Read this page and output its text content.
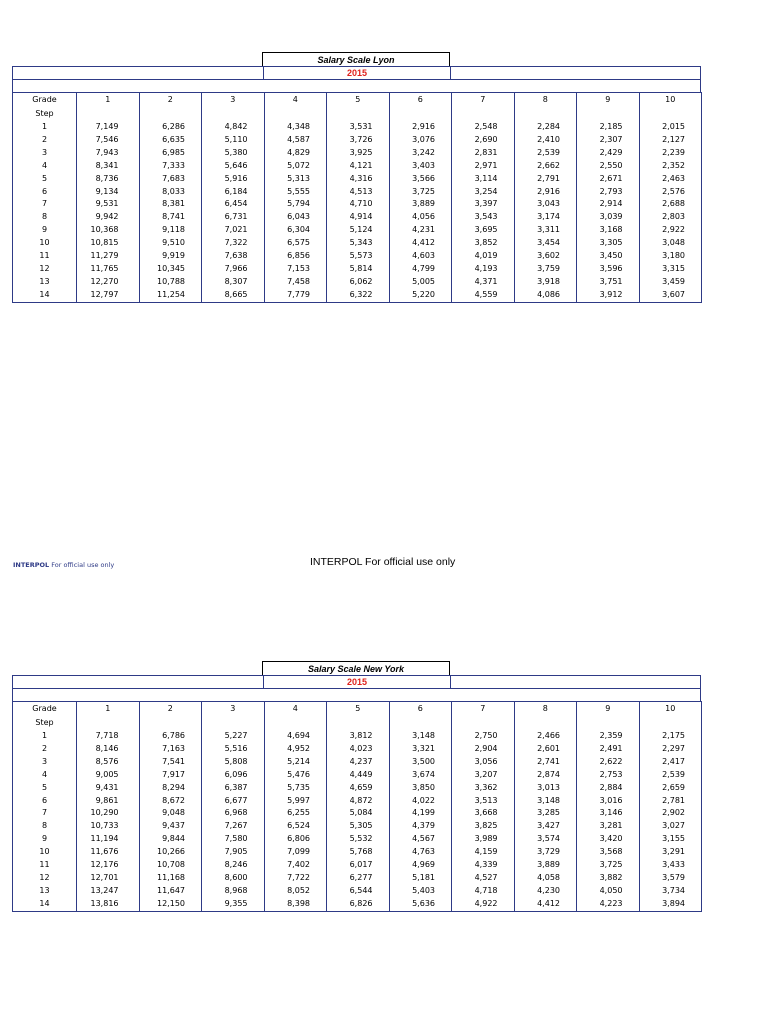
Salary Scale Lyon
2015
Grade
Step	1	2	3	4	5	6	7	8	9	10
1	7,149	6,286	4,842	4,348	3,531	2,916	2,548	2,284	2,185	2,015
2	7,546	6,635	5,110	4,587	3,726	3,076	2,690	2,410	2,307	2,127
3	7,943	6,985	5,380	4,829	3,925	3,242	2,831	2,539	2,429	2,239
4	8,341	7,333	5,646	5,072	4,121	3,403	2,971	2,662	2,550	2,352
5	8,736	7,683	5,916	5,313	4,316	3,566	3,114	2,791	2,671	2,463
6	9,134	8,033	6,184	5,555	4,513	3,725	3,254	2,916	2,793	2,576
7	9,531	8,381	6,454	5,794	4,710	3,889	3,397	3,043	2,914	2,688
8	9,942	8,741	6,731	6,043	4,914	4,056	3,543	3,174	3,039	2,803
9	10,368	9,118	7,021	6,304	5,124	4,231	3,695	3,311	3,168	2,922
10	10,815	9,510	7,322	6,575	5,343	4,412	3,852	3,454	3,305	3,048
11	11,279	9,919	7,638	6,856	5,573	4,603	4,019	3,602	3,450	3,180
12	11,765	10,345	7,966	7,153	5,814	4,799	4,193	3,759	3,596	3,315
13	12,270	10,788	8,307	7,458	6,062	5,005	4,371	3,918	3,751	3,459
14	12,797	11,254	8,665	7,779	6,322	5,220	4,559	4,086	3,912	3,607
Salary Scale New York
2015
Grade
Step	1	2	3	4	5	6	7	8	9	10
1	7,718	6,786	5,227	4,694	3,812	3,148	2,750	2,466	2,359	2,175
2	8,146	7,163	5,516	4,952	4,023	3,321	2,904	2,601	2,491	2,297
3	8,576	7,541	5,808	5,214	4,237	3,500	3,056	2,741	2,622	2,417
4	9,005	7,917	6,096	5,476	4,449	3,674	3,207	2,874	2,753	2,539
5	9,431	8,294	6,387	5,735	4,659	3,850	3,362	3,013	2,884	2,659
6	9,861	8,672	6,677	5,997	4,872	4,022	3,513	3,148	3,016	2,781
7	10,290	9,048	6,968	6,255	5,084	4,199	3,668	3,285	3,146	2,902
8	10,733	9,437	7,267	6,524	5,305	4,379	3,825	3,427	3,281	3,027
9	11,194	9,844	7,580	6,806	5,532	4,567	3,989	3,574	3,420	3,155
10	11,676	10,266	7,905	7,099	5,768	4,763	4,159	3,729	3,568	3,291
11	12,176	10,708	8,246	7,402	6,017	4,969	4,339	3,889	3,725	3,433
12	12,701	11,168	8,600	7,722	6,277	5,181	4,527	4,058	3,882	3,579
13	13,247	11,647	8,968	8,052	6,544	5,403	4,718	4,230	4,050	3,734
14	13,816	12,150	9,355	8,398	6,826	5,636	4,922	4,412	4,223	3,894
INTERPOL For official use only	INTERPOL For official use only
